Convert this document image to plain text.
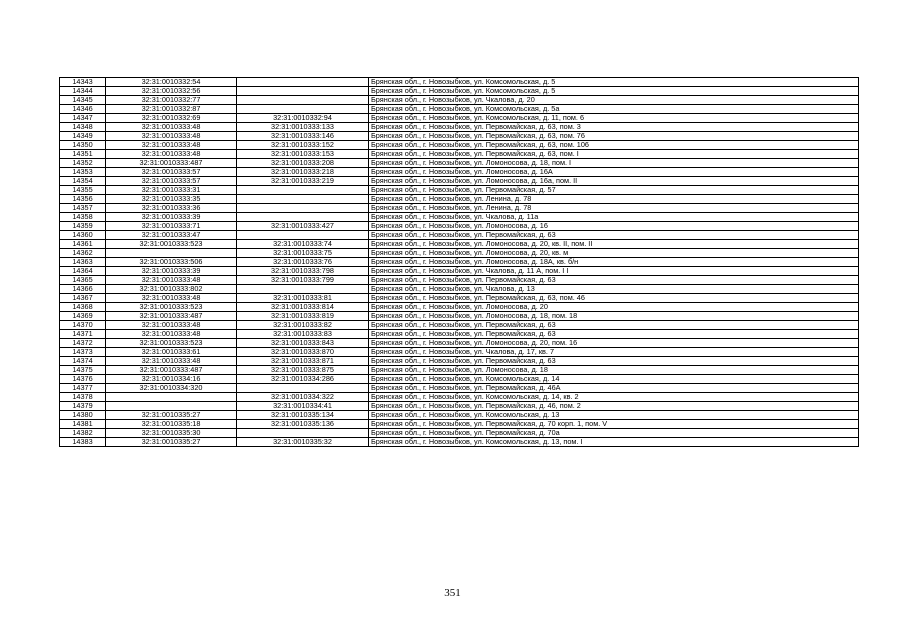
14343	32:31:0010332:54		Брянская обл., г. Новозыбков, ул. Комсомольская, д. 5
14344	32:31:0010332:56		Брянская обл., г. Новозыбков, ул. Комсомольская, д. 5
14345	32:31:0010332:77		Брянская обл., г. Новозыбков, ул. Чкалова, д. 20
14346	32:31:0010332:87		Брянская обл., г. Новозыбков, ул. Комсомольская, д. 5а
14347	32:31:0010332:69	32:31:0010332:94	Брянская обл., г. Новозыбков, ул. Комсомольская, д. 11, пом. 6
14348	32:31:0010333:48	32:31:0010333:133	Брянская обл., г. Новозыбков, ул. Первомайская, д. 63, пом. 3
14349	32:31:0010333:48	32:31:0010333:146	Брянская обл., г. Новозыбков, ул. Первомайская, д. 63, пом. 76
14350	32:31:0010333:48	32:31:0010333:152	Брянская обл., г. Новозыбков, ул. Первомайская, д. 63, пом. 106
14351	32:31:0010333:48	32:31:0010333:153	Брянская обл., г. Новозыбков, ул. Первомайская, д. 63, пом. I
14352	32:31:0010333:487	32:31:0010333:208	Брянская обл., г. Новозыбков, ул. Ломоносова, д. 18, пом. I
14353	32:31:0010333:57	32:31:0010333:218	Брянская обл., г. Новозыбков, ул. Ломоносова, д. 16А
14354	32:31:0010333:57	32:31:0010333:219	Брянская обл., г. Новозыбков, ул. Ломоносова, д. 16а, пом. II
14355	32:31:0010333:31		Брянская обл., г. Новозыбков, ул. Первомайская, д. 57
14356	32:31:0010333:35		Брянская обл., г. Новозыбков, ул. Ленина, д. 78
14357	32:31:0010333:36		Брянская обл., г. Новозыбков, ул. Ленина, д. 78
14358	32:31:0010333:39		Брянская обл., г. Новозыбков, ул. Чкалова, д. 11а
14359	32:31:0010333:71	32:31:0010333:427	Брянская обл., г. Новозыбков, ул. Ломоносова, д. 16
14360	32:31:0010333:47		Брянская обл., г. Новозыбков, ул. Первомайская, д. 63
14361	32:31:0010333:523	32:31:0010333:74	Брянская обл., г. Новозыбков, ул. Ломоносова, д. 20, кв. II, пом. II
14362		32:31:0010333:75	Брянская обл., г. Новозыбков, ул. Ломоносова, д. 20, кв. м
14363	32:31:0010333:506	32:31:0010333:76	Брянская обл., г. Новозыбков, ул. Ломоносова, д. 18А, кв. б/н
14364	32:31:0010333:39	32:31:0010333:798	Брянская обл., г. Новозыбков, ул. Чкалова, д. 11 А, пом. I I
14365	32:31:0010333:48	32:31:0010333:799	Брянская обл., г. Новозыбков, ул. Первомайская, д. 63
14366	32:31:0010333:802		Брянская обл., г. Новозыбков, ул. Чкалова, д. 13
14367	32:31:0010333:48	32:31:0010333:81	Брянская обл., г. Новозыбков, ул. Первомайская, д. 63, пом. 46
14368	32:31:0010333:523	32:31:0010333:814	Брянская обл., г. Новозыбков, ул. Ломоносова, д. 20
14369	32:31:0010333:487	32:31:0010333:819	Брянская обл., г. Новозыбков, ул. Ломоносова, д. 18, пом. 18
14370	32:31:0010333:48	32:31:0010333:82	Брянская обл., г. Новозыбков, ул. Первомайская, д. 63
14371	32:31:0010333:48	32:31:0010333:83	Брянская обл., г. Новозыбков, ул. Первомайская, д. 63
14372	32:31:0010333:523	32:31:0010333:843	Брянская обл., г. Новозыбков, ул. Ломоносова, д. 20, пом. 16
14373	32:31:0010333:61	32:31:0010333:870	Брянская обл., г. Новозыбков, ул. Чкалова, д. 17, кв. 7
14374	32:31:0010333:48	32:31:0010333:871	Брянская обл., г. Новозыбков, ул. Первомайская, д. 63
14375	32:31:0010333:487	32:31:0010333:875	Брянская обл., г. Новозыбков, ул. Ломоносова, д. 18
14376	32:31:0010334:16	32:31:0010334:286	Брянская обл., г. Новозыбков, ул. Комсомольская, д. 14
14377	32:31:0010334:320		Брянская обл., г. Новозыбков, ул. Первомайская, д. 46А
14378		32:31:0010334:322	Брянская обл., г. Новозыбков, ул. Комсомольская, д. 14, кв. 2
14379		32:31:0010334:41	Брянская обл., г. Новозыбков, ул. Первомайская, д. 46, пом. 2
14380	32:31:0010335:27	32:31:0010335:134	Брянская обл., г. Новозыбков, ул. Комсомольская, д. 13
14381	32:31:0010335:18	32:31:0010335:136	Брянская обл., г. Новозыбков, ул. Первомайская, д. 70 корп. 1, пом. V
14382	32:31:0010335:30		Брянская обл., г. Новозыбков, ул. Первомайская, д. 70а
14383	32:31:0010335:27	32:31:0010335:32	Брянская обл., г. Новозыбков, ул. Комсомольская, д. 13, пом. I
351
